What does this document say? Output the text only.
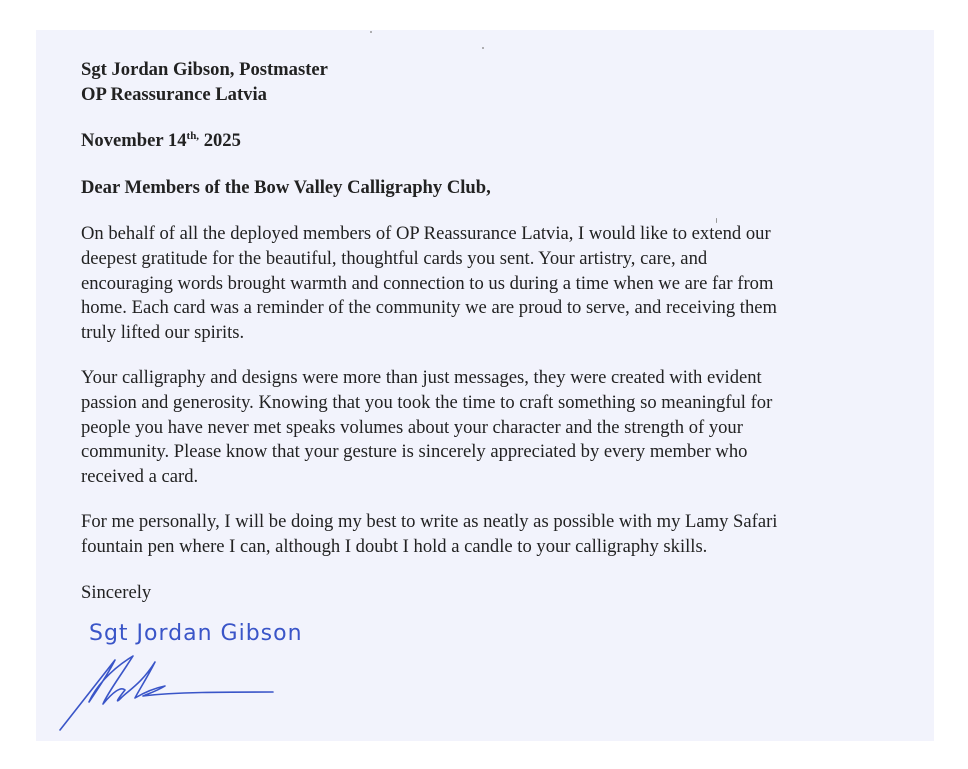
Sgt Jordan Gibson, Postmaster
OP Reassurance Latvia
November $14^{th,}$ 2025
Dear Members of the Bow Valley Calligraphy Club,
On behalf of all the deployed members of OP Reassurance Latvia, I would like to extend our
deepest gratitude for the beautiful, thoughtful cards you sent. Your artistry, care, and
encouraging words brought warmth and connection to us during a time when we are far from
home. Each card was a reminder of the community we are proud to serve, and receiving them
truly lifted our spirits.
Your calligraphy and designs were more than just messages, they were created with evident
passion and generosity. Knowing that you took the time to craft something so meaningful for
people you have never met speaks volumes about your character and the strength of your
community. Please know that your gesture is sincerely appreciated by every member who
received a card.
For me personally, I will be doing my best to write as neatly as possible with my Lamy Safari
fountain pen where I can, although I doubt I hold a candle to your calligraphy skills.
Sincerely
Sgt Jordan Gibson
